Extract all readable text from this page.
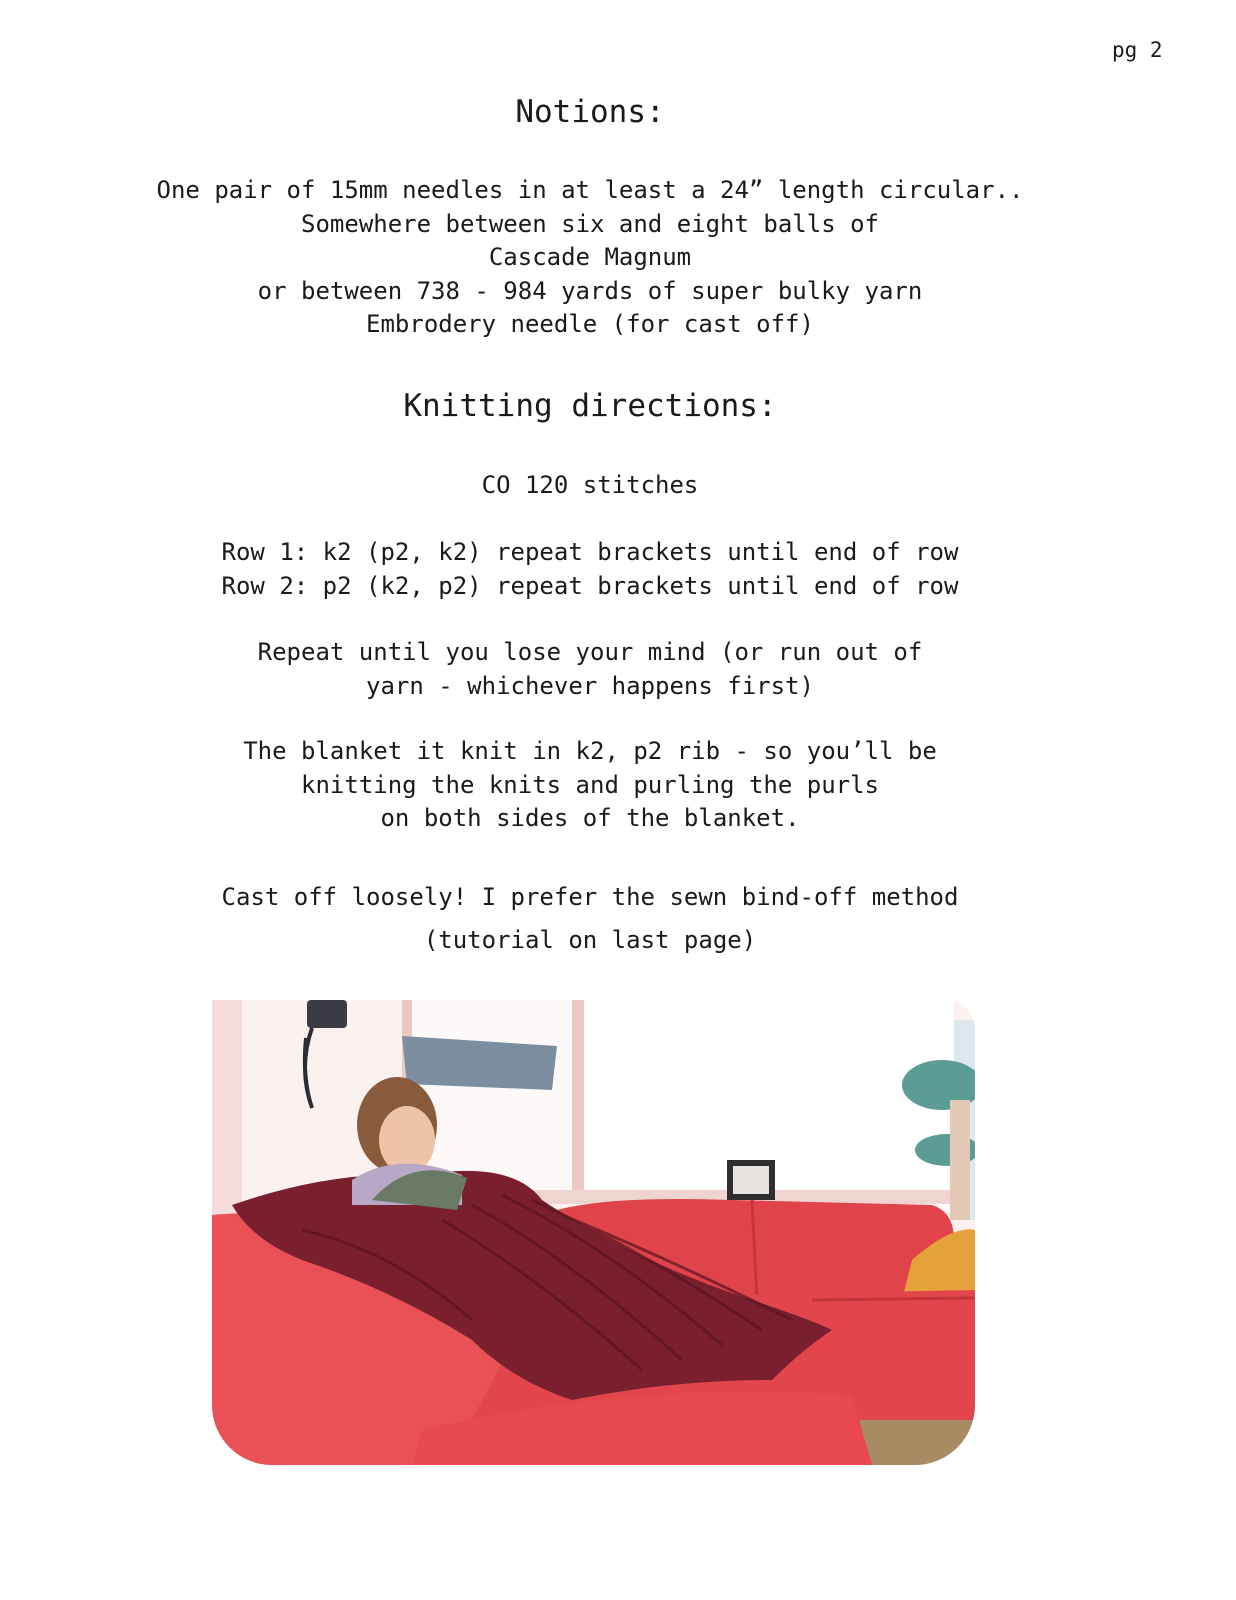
pg 2
Notions:
One pair of 15mm needles in at least a 24” length circular..
Somewhere between six and eight balls of
Cascade Magnum
or between 738 - 984 yards of super bulky yarn
Embrodery needle (for cast off)
Knitting directions:
CO 120 stitches
Row 1: k2 (p2, k2) repeat brackets until end of row
Row 2: p2 (k2, p2) repeat brackets until end of row
Repeat until you lose your mind (or run out of
yarn - whichever happens first)
The blanket it knit in k2, p2 rib - so you’ll be
knitting the knits and purling the purls
on both sides of the blanket.
Cast off loosely! I prefer the sewn bind-off method
(tutorial on last page)
